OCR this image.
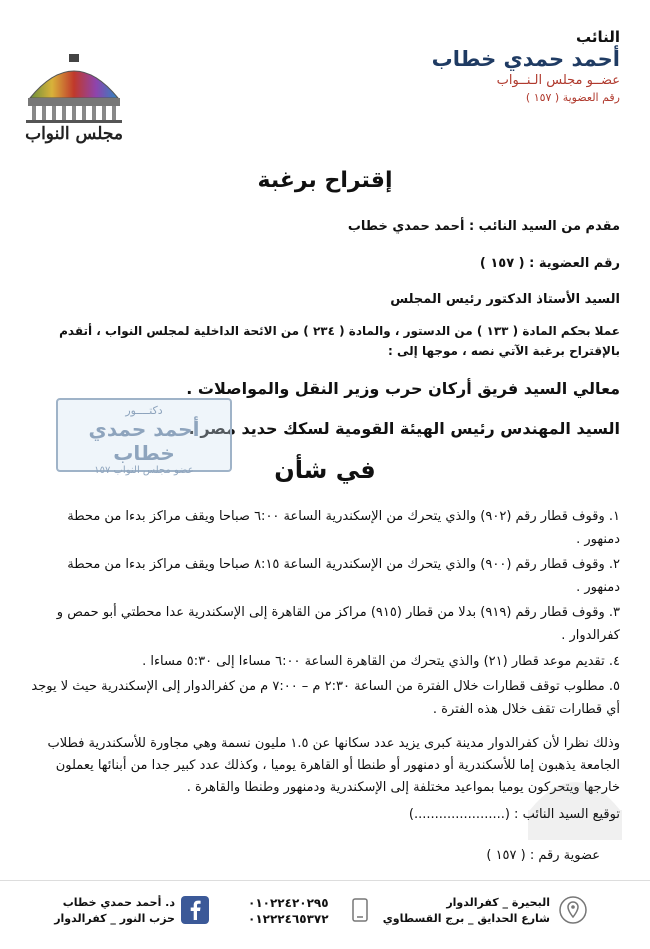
النائب
أحمد حمدي خطاب
عضــو مجلس الـنــواب
رقم العضوية ( ١٥٧ )
مجلس النواب
إقتراح برغبة
مقدم من السيد النائب : أحمد حمدي خطاب
رقم العضوية : ( ١٥٧ )
السيد الأستاذ الدكتور رئيس المجلس
عملا بحكم المادة ( ١٣٣ ) من الدستور ، والمادة ( ٢٣٤ ) من الائحة الداخلية لمجلس النواب ، أتقدم بالإقتراح برغبة الآتي نصه ، موجها إلى :
معالي السيد فريق أركان حرب وزير النقل والمواصلات .
السيد المهندس رئيس الهيئة القومية لسكك حديد مصر .
دكتــــور
أحمد حمدي خطاب
عضو مجلس النواب ١٥٧	في شأن
١. وقوف قطار رقم (٩٠٢) والذي يتحرك من الإسكندرية الساعة ٦:٠٠ صباحا ويقف مراكز بدءا من محطة دمنهور .
٢. وقوف قطار رقم (٩٠٠) والذي يتحرك من الإسكندرية الساعة ٨:١٥ صباحا ويقف مراكز بدءا من محطة دمنهور .
٣. وقوف قطار رقم (٩١٩) بدلا من قطار (٩١٥) مراكز من القاهرة إلى الإسكندرية عدا محطتي أبو حمص و كفرالدوار .
٤. تقديم موعد قطار (٢١) والذي يتحرك من القاهرة الساعة ٦:٠٠ مساءا إلى ٥:٣٠ مساءا .
٥. مطلوب توقف قطارات خلال الفترة من الساعة ٢:٣٠ م – ٧:٠٠ م من كفرالدوار إلى الإسكندرية حيث لا يوجد أي قطارات تقف خلال هذه الفترة .
وذلك نظرا لأن كفرالدوار مدينة كبرى يزيد عدد سكانها عن ١.٥ مليون نسمة وهي مجاورة للأسكندرية فطلاب الجامعة يذهبون إما للأسكندرية أو دمنهور أو طنطا أو القاهرة يوميا ، وكذلك عدد كبير جدا من أبنائها يعملون خارجها ويتحركون يوميا بمواعيد مختلفة إلى الإسكندرية ودمنهور وطنطا والقاهرة .
توقيع السيد النائب : (......................)
عضوية رقم : ( ١٥٧ )
البحيرة _ كفرالدوار
شارع الحدايق _ برج القسطاوي
٠١٠٢٢٤٢٠٢٩٥
٠١٢٢٢٤٦٥٣٧٢
د. أحمد حمدي خطاب
حزب النور _ كفرالدوار
